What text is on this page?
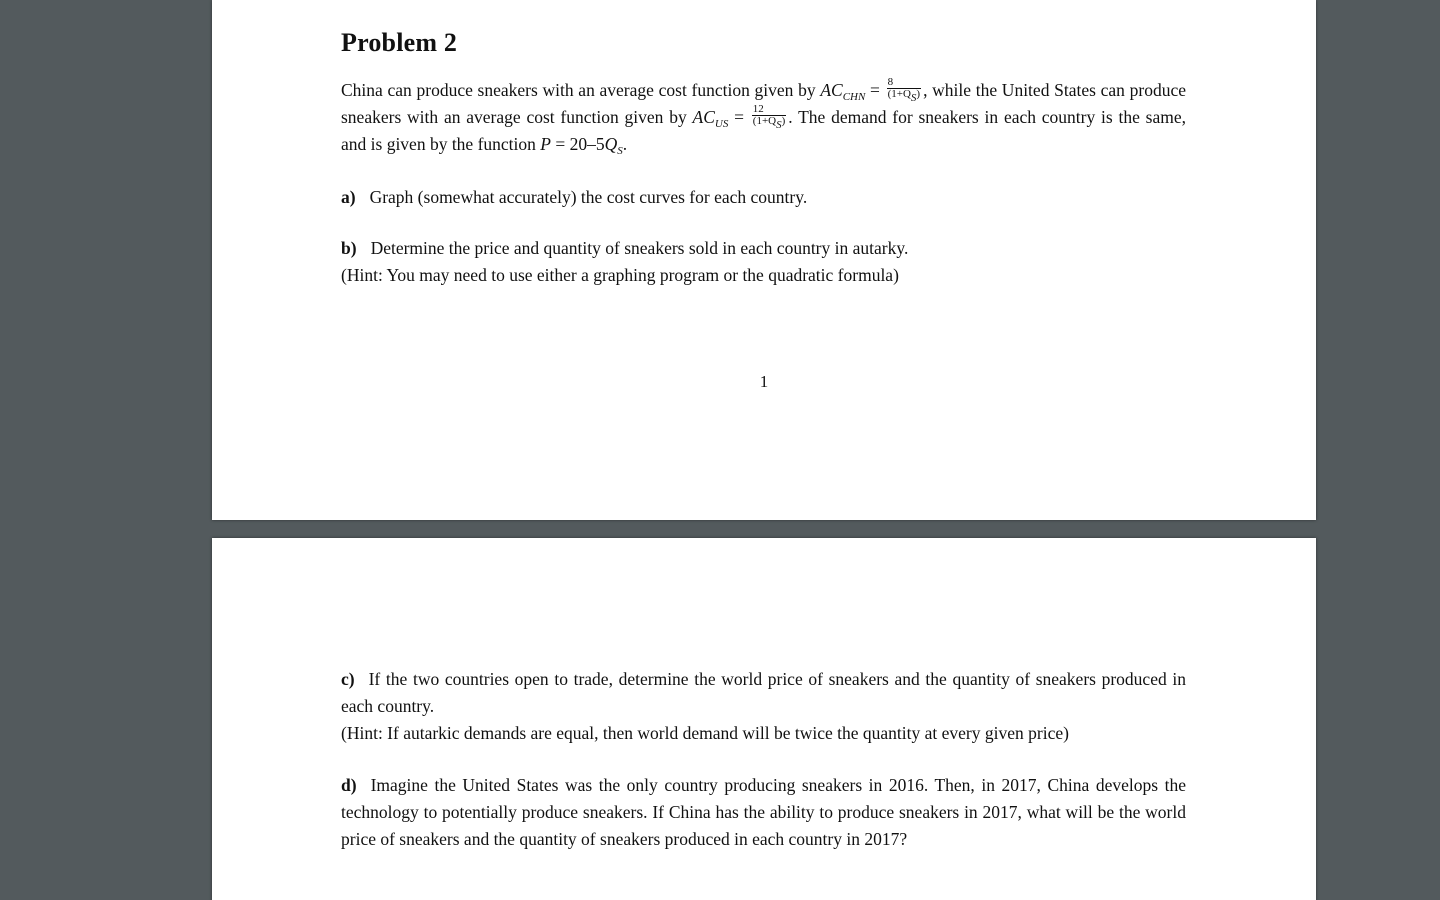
Problem 2

China can produce sneakers with an average cost function given by $AC_{CHN} = \frac{8}{(1+Q_S)}$ , while the United States can produce sneakers with an average cost function given by $AC_{US} = \frac{12}{(1+Q_S)}$ . The demand for sneakers in each country is the same, and is given by the function $P = 20-5Q_S$.

a) Graph (somewhat accurately) the cost curves for each country.

b) Determine the price and quantity of sneakers sold in each country in autarky.

(Hint: You may need to use either a graphing program or the quadratic formula)

1

c) If the two countries open to trade, determine the world price of sneakers and the quantity of sneakers produced in each country.

(Hint: If autarkic demands are equal, then world demand will be twice the quantity at every given price)

d) Imagine the United States was the only country producing sneakers in 2016. Then, in 2017, China develops the technology to potentially produce sneakers. If China has the ability to produce sneakers in 2017, what will be the world price of sneakers and the quantity of sneakers produced in each country in 2017?
